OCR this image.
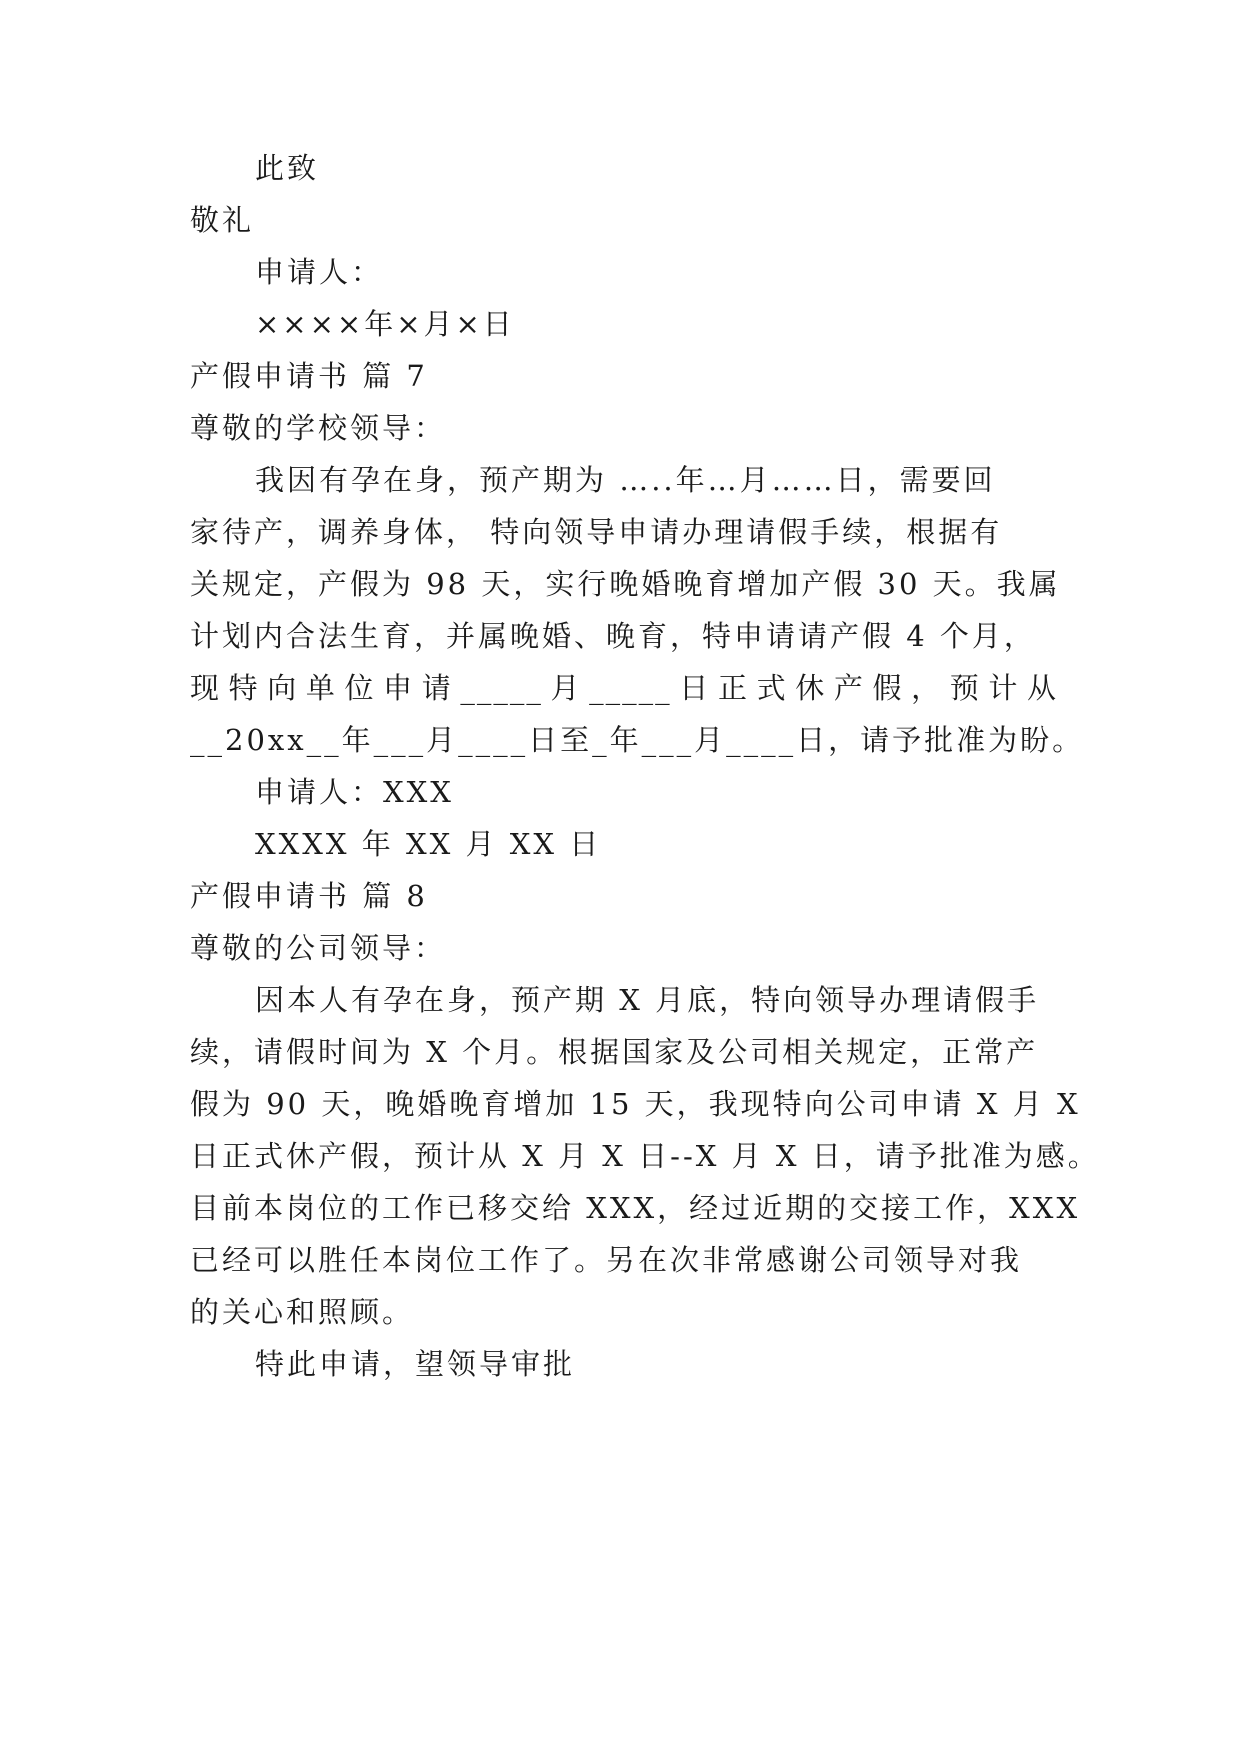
此致
敬礼
申请人：
××××年×月×日
产假申请书 篇 7
尊敬的学校领导：
我因有孕在身，预产期为 …..年…月……日，需要回
家待产，调养身体， 特向领导申请办理请假手续，根据有
关规定，产假为 98 天，实行晚婚晚育增加产假 30 天。我属
计划内合法生育，并属晚婚、晚育，特申请请产假 4 个月，
现特向单位申请_____月_____日正式休产假，预计从
__20xx__年___月____日至_年___月____日，请予批准为盼。
申请人：XXX
XXXX 年 XX 月 XX 日
产假申请书 篇 8
尊敬的公司领导：
因本人有孕在身，预产期 X 月底，特向领导办理请假手
续，请假时间为 X 个月。根据国家及公司相关规定，正常产
假为 90 天，晚婚晚育增加 15 天，我现特向公司申请 X 月 X
日正式休产假，预计从 X 月 X 日--X 月 X 日，请予批准为感。
目前本岗位的工作已移交给 XXX，经过近期的交接工作，XXX
已经可以胜任本岗位工作了。另在次非常感谢公司领导对我
的关心和照顾。
特此申请，望领导审批
